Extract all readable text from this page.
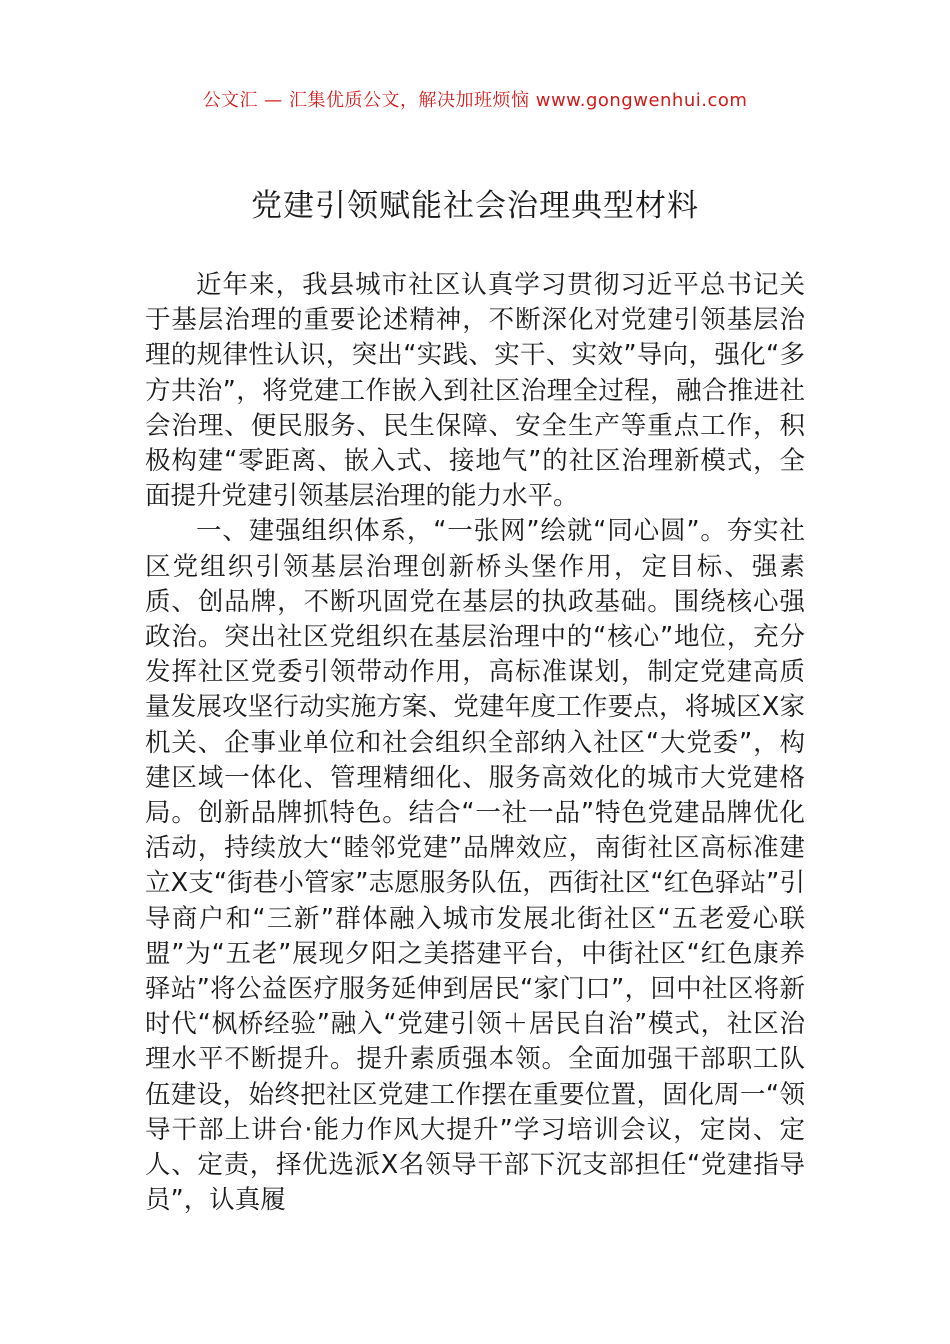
公文汇 — 汇集优质公文，解决加班烦恼 www.gongwenhui.com
党建引领赋能社会治理典型材料

近年来，我县城市社区认真学习贯彻习近平总书记关于基层治理的重要论述精神，不断深化对党建引领基层治理的规律性认识，突出“实践、实干、实效”导向，强化“多方共治”，将党建工作嵌入到社区治理全过程，融合推进社会治理、便民服务、民生保障、安全生产等重点工作，积极构建“零距离、嵌入式、接地气”的社区治理新模式，全面提升党建引领基层治理的能力水平。

一、建强组织体系，“一张网”绘就“同心圆”。夯实社区党组织引领基层治理创新桥头堡作用，定目标、强素质、创品牌，不断巩固党在基层的执政基础。围绕核心强政治。突出社区党组织在基层治理中的“核心”地位，充分发挥社区党委引领带动作用，高标准谋划，制定党建高质量发展攻坚行动实施方案、党建年度工作要点，将城区X家机关、企事业单位和社会组织全部纳入社区“大党委”，构建区域一体化、管理精细化、服务高效化的城市大党建格局。创新品牌抓特色。结合“一社一品”特色党建品牌优化活动，持续放大“睦邻党建”品牌效应，南街社区高标准建立X支“街巷小管家”志愿服务队伍，西街社区“红色驿站”引导商户和“三新”群体融入城市发展北街社区“五老爱心联盟”为“五老”展现夕阳之美搭建平台，中街社区“红色康养驿站”将公益医疗服务延伸到居民“家门口”，回中社区将新时代“枫桥经验”融入“党建引领＋居民自治”模式，社区治理水平不断提升。提升素质强本领。全面加强干部职工队伍建设，始终把社区党建工作摆在重要位置，固化周一“领导干部上讲台·能力作风大提升”学习培训会议，定岗、定人、定责，择优选派X名领导干部下沉支部担任“党建指导员”，认真履
